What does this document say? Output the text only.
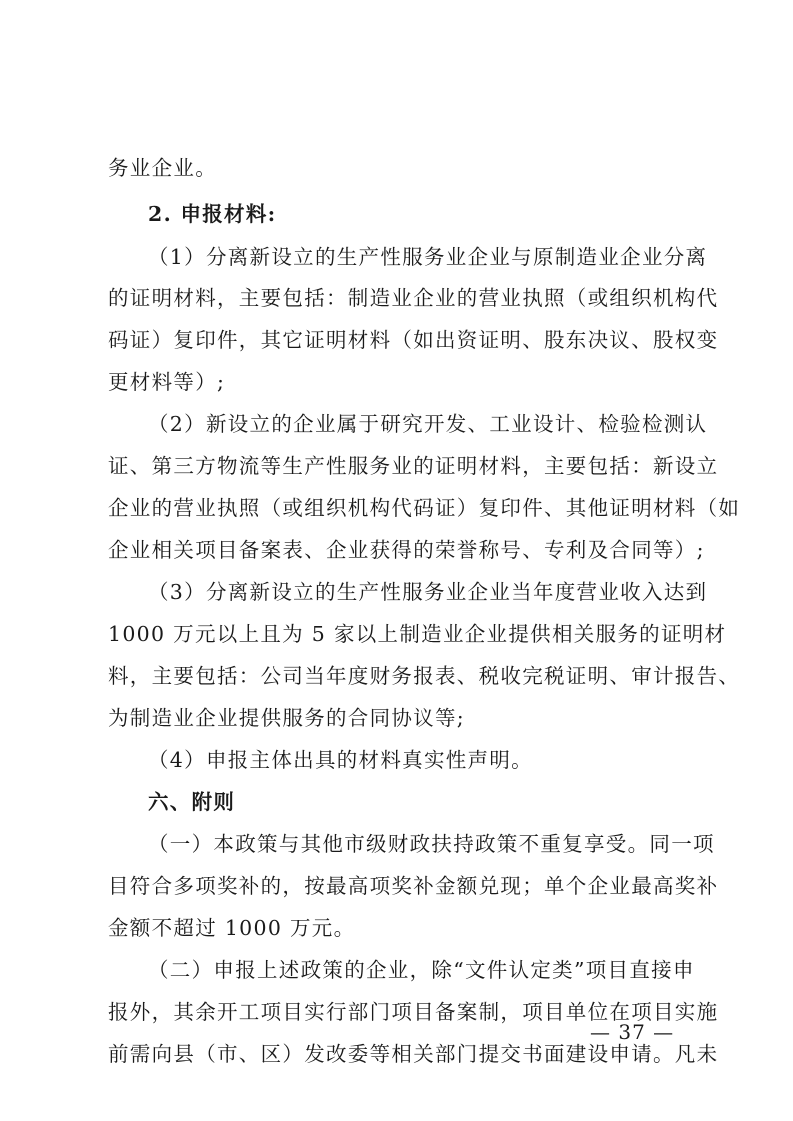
务业企业。
2. 申报材料:
（1）分离新设立的生产性服务业企业与原制造业企业分离
的证明材料，主要包括：制造业企业的营业执照（或组织机构代
码证）复印件，其它证明材料（如出资证明、股东决议、股权变
更材料等）;
（2）新设立的企业属于研究开发、工业设计、检验检测认
证、第三方物流等生产性服务业的证明材料，主要包括：新设立
企业的营业执照（或组织机构代码证）复印件、其他证明材料（如
企业相关项目备案表、企业获得的荣誉称号、专利及合同等）;
（3）分离新设立的生产性服务业企业当年度营业收入达到
1000 万元以上且为 5 家以上制造业企业提供相关服务的证明材
料，主要包括：公司当年度财务报表、税收完税证明、审计报告、
为制造业企业提供服务的合同协议等;
（4）申报主体出具的材料真实性声明。
六、附则
（一）本政策与其他市级财政扶持政策不重复享受。同一项
目符合多项奖补的，按最高项奖补金额兑现；单个企业最高奖补
金额不超过 1000 万元。
（二）申报上述政策的企业，除“文件认定类”项目直接申
报外，其余开工项目实行部门项目备案制，项目单位在项目实施
前需向县（市、区）发改委等相关部门提交书面建设申请。凡未
— 37 —
